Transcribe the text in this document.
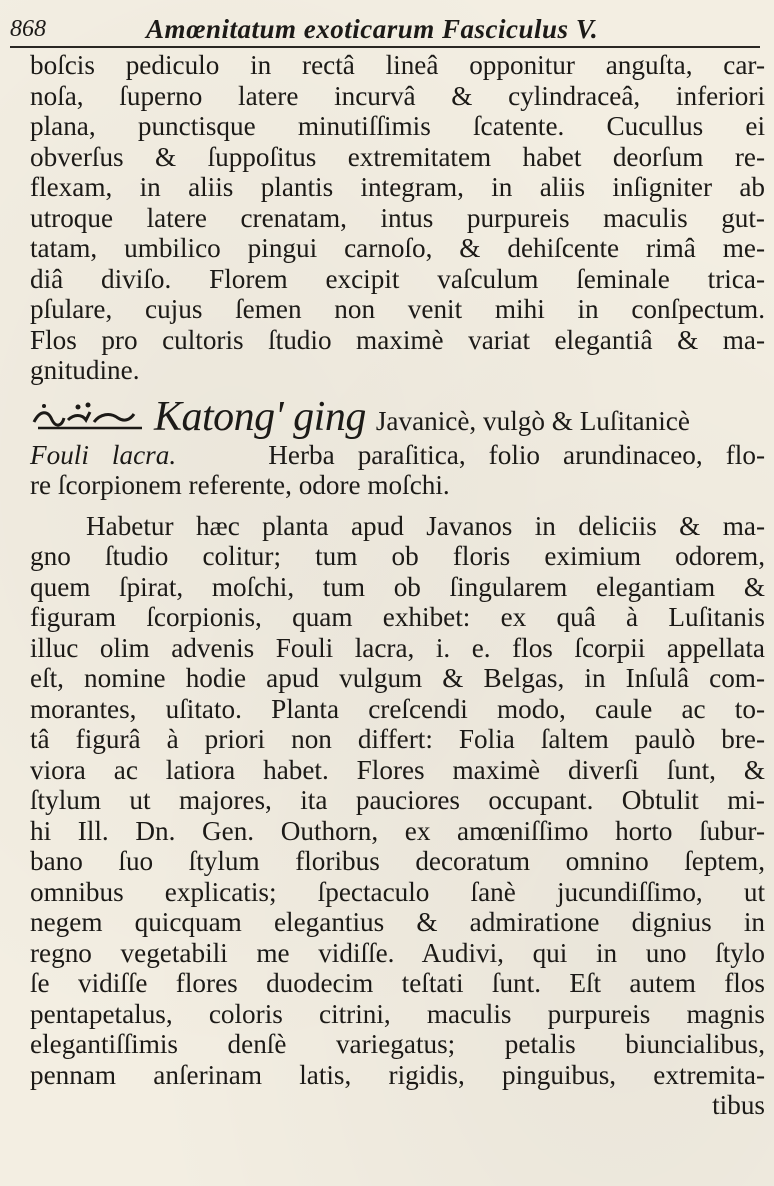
868	Amœnitatum exoticarum Fasciculus V.
boſcis pediculo in rectâ lineâ opponitur anguſta, car-
noſa, ſuperno latere incurvâ & cylindraceâ, inferiori
plana, punctisque minutiſſimis ſcatente. Cucullus ei
obverſus & ſuppoſitus extremitatem habet deorſum re-
flexam, in aliis plantis integram, in aliis inſigniter ab
utroque latere crenatam, intus purpureis maculis gut-
tatam, umbilico pingui carnoſo, & dehiſcente rimâ me-
diâ diviſo. Florem excipit vaſculum ſeminale trica-
pſulare, cujus ſemen non venit mihi in conſpectum.
Flos pro cultoris ſtudio maximè variat elegantiâ & ma-
gnitudine.
Katong' ging Javanicè, vulgò & Luſitanicè
Fouli lacra.	Herba paraſitica, folio arundinaceo, flo-
re ſcorpionem referente, odore moſchi.
Habetur hæc planta apud Javanos in deliciis & ma-
gno ſtudio colitur; tum ob floris eximium odorem,
quem ſpirat, moſchi, tum ob ſingularem elegantiam &
figuram ſcorpionis, quam exhibet: ex quâ à Luſitanis
illuc olim advenis Fouli lacra, i. e. flos ſcorpii appellata
eſt, nomine hodie apud vulgum & Belgas, in Inſulâ com-
morantes, uſitato. Planta creſcendi modo, caule ac to-
tâ figurâ à priori non differt: Folia ſaltem paulò bre-
viora ac latiora habet. Flores maximè diverſi ſunt, &
ſtylum ut majores, ita pauciores occupant. Obtulit mi-
hi Ill. Dn. Gen. Outhorn, ex amœniſſimo horto ſubur-
bano ſuo ſtylum floribus decoratum omnino ſeptem,
omnibus explicatis; ſpectaculo ſanè jucundiſſimo, ut
negem quicquam elegantius & admiratione dignius in
regno vegetabili me vidiſſe. Audivi, qui in uno ſtylo
ſe vidiſſe flores duodecim teſtati ſunt. Eſt autem flos
pentapetalus, coloris citrini, maculis purpureis magnis
elegantiſſimis denſè variegatus; petalis biuncialibus,
pennam anſerinam latis, rigidis, pinguibus, extremita-
tibus
